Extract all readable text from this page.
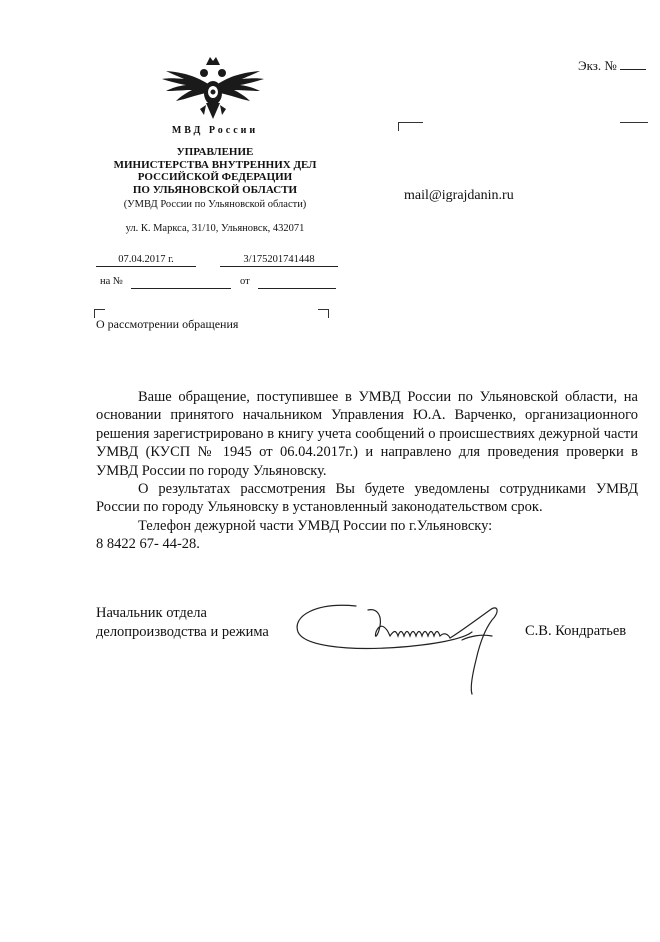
Экз. №
МВД России
УПРАВЛЕНИЕ
МИНИСТЕРСТВА ВНУТРЕННИХ ДЕЛ
РОССИЙСКОЙ ФЕДЕРАЦИИ
ПО УЛЬЯНОВСКОЙ ОБЛАСТИ
(УМВД России по Ульяновской области)
ул. К. Маркса, 31/10, Ульяновск, 432071
07.04.2017 г.	3/175201741448
на №	от
О рассмотрении обращения
mail@igrajdanin.ru

Ваше обращение, поступившее в УМВД России по Ульяновской области, на основании принятого начальником Управления Ю.А. Варченко, организационного решения зарегистрировано в книгу учета сообщений о происшествиях дежурной части УМВД (КУСП № 1945 от 06.04.2017г.) и направлено для проведения проверки в УМВД России по городу Ульяновску.

О результатах рассмотрения Вы будете уведомлены сотрудниками УМВД России по городу Ульяновску в установленный законодательством срок.

Телефон дежурной части УМВД России по г.Ульяновску:

8 8422 67- 44-28.

Начальник отдела
делопроизводства и режима	С.В. Кондратьев
